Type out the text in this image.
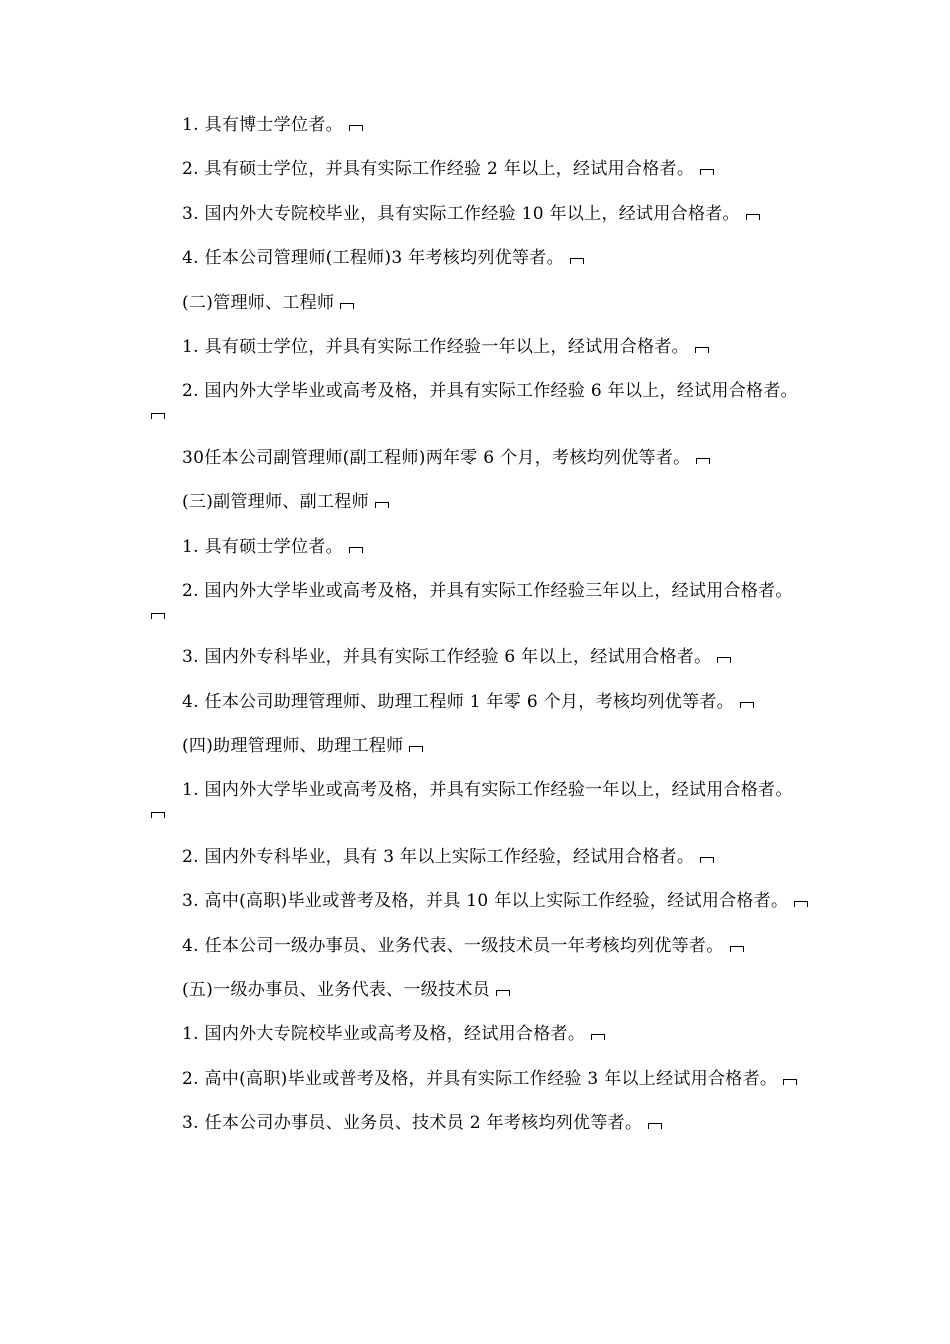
1. 具有博士学位者。

2. 具有硕士学位，并具有实际工作经验 2 年以上，经试用合格者。

3. 国内外大专院校毕业，具有实际工作经验 10 年以上，经试用合格者。

4. 任本公司管理师(工程师)3 年考核均列优等者。

(二)管理师、工程师

1. 具有硕士学位，并具有实际工作经验一年以上，经试用合格者。

2. 国内外大学毕业或高考及格，并具有实际工作经验 6 年以上，经试用合格者。

30任本公司副管理师(副工程师)两年零 6 个月，考核均列优等者。

(三)副管理师、副工程师

1. 具有硕士学位者。

2. 国内外大学毕业或高考及格，并具有实际工作经验三年以上，经试用合格者。

3. 国内外专科毕业，并具有实际工作经验 6 年以上，经试用合格者。

4. 任本公司助理管理师、助理工程师 1 年零 6 个月，考核均列优等者。

(四)助理管理师、助理工程师

1. 国内外大学毕业或高考及格，并具有实际工作经验一年以上，经试用合格者。

2. 国内外专科毕业，具有 3 年以上实际工作经验，经试用合格者。

3. 高中(高职)毕业或普考及格，并具 10 年以上实际工作经验，经试用合格者。

4. 任本公司一级办事员、业务代表、一级技术员一年考核均列优等者。

(五)一级办事员、业务代表、一级技术员

1. 国内外大专院校毕业或高考及格，经试用合格者。

2. 高中(高职)毕业或普考及格，并具有实际工作经验 3 年以上经试用合格者。

3. 任本公司办事员、业务员、技术员 2 年考核均列优等者。
